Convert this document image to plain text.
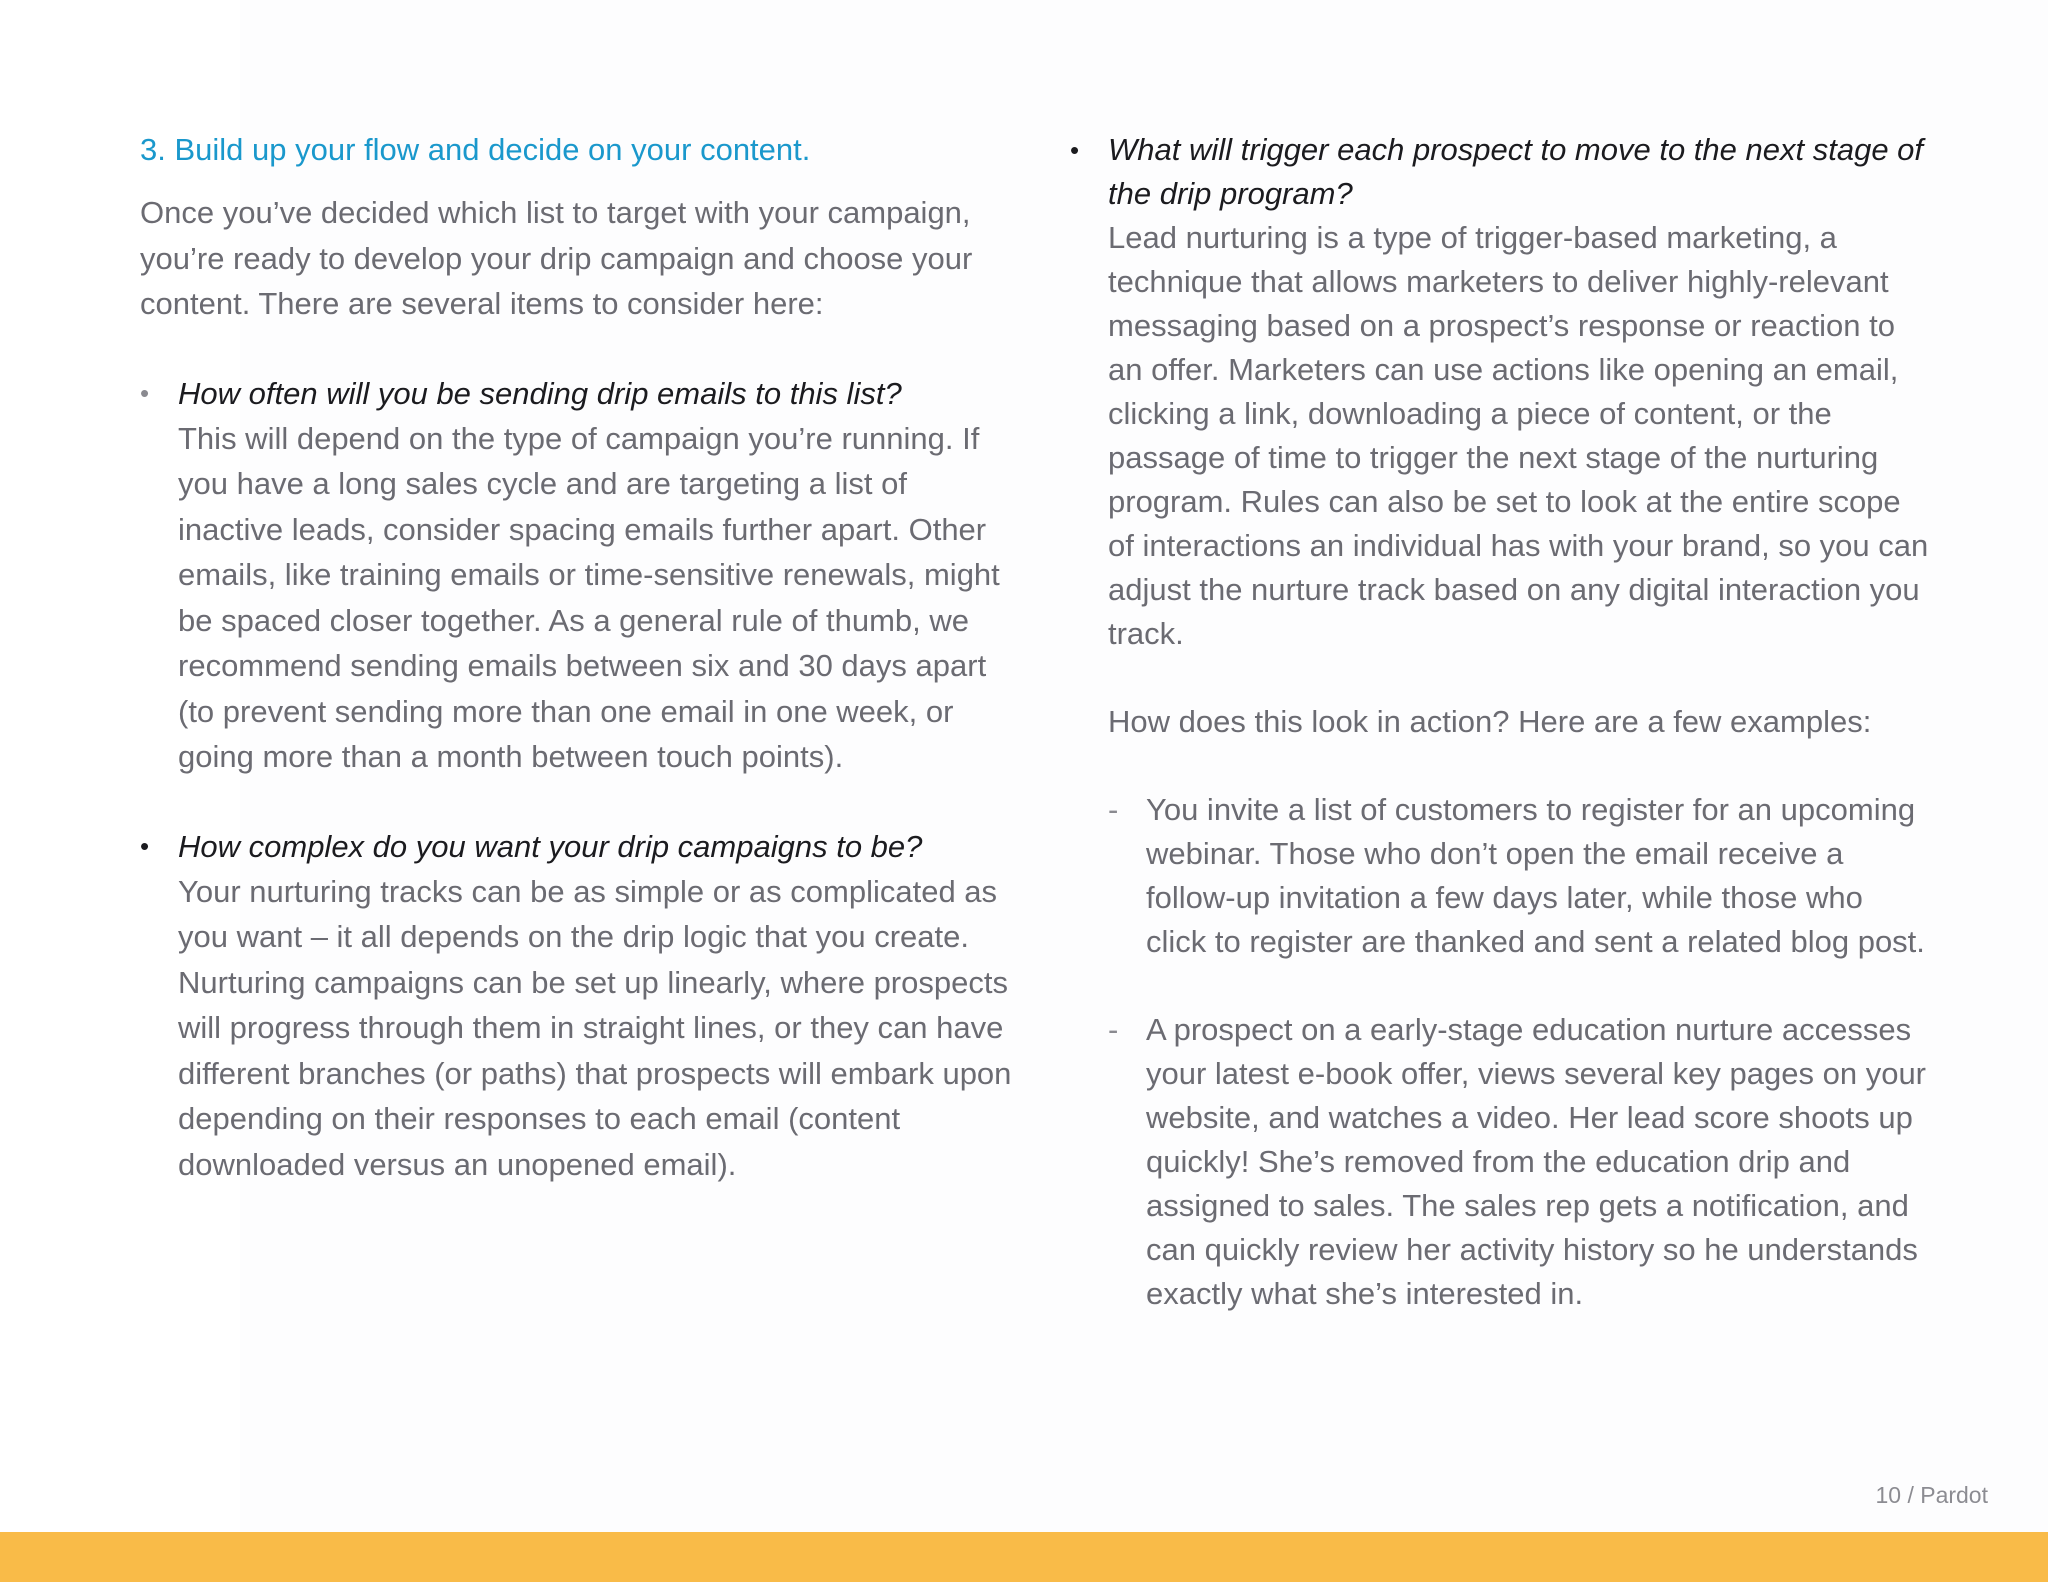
3. Build up your flow and decide on your content.

Once you’ve decided which list to target with your campaign, you’re ready to develop your drip campaign and choose your content. There are several items to consider here:

• How often will you be sending drip emails to this list?
This will depend on the type of campaign you’re running. If you have a long sales cycle and are targeting a list of inactive leads, consider spacing emails further apart. Other emails, like training emails or time-sensitive renewals, might be spaced closer together. As a general rule of thumb, we recommend sending emails between six and 30 days apart (to prevent sending more than one email in one week, or going more than a month between touch points).
• How complex do you want your drip campaigns to be?
Your nurturing tracks can be as simple or as complicated as you want – it all depends on the drip logic that you create. Nurturing campaigns can be set up linearly, where prospects will progress through them in straight lines, or they can have different branches (or paths) that prospects will embark upon depending on their responses to each email (content downloaded versus an unopened email).
• What will trigger each prospect to move to the next stage of the drip program?
Lead nurturing is a type of trigger-based marketing, a technique that allows marketers to deliver highly-relevant messaging based on a prospect’s response or reaction to an offer. Marketers can use actions like opening an email, clicking a link, downloading a piece of content, or the passage of time to trigger the next stage of the nurturing program. Rules can also be set to look at the entire scope of interactions an individual has with your brand, so you can adjust the nurture track based on any digital interaction you track.
How does this look in action? Here are a few examples:
- You invite a list of customers to register for an upcoming webinar. Those who don’t open the email receive a follow-up invitation a few days later, while those who click to register are thanked and sent a related blog post.
- A prospect on a early-stage education nurture accesses your latest e-book offer, views several key pages on your website, and watches a video. Her lead score shoots up quickly! She’s removed from the education drip and assigned to sales. The sales rep gets a notification, and can quickly review her activity history so he understands exactly what she’s interested in.
10 / Pardot
